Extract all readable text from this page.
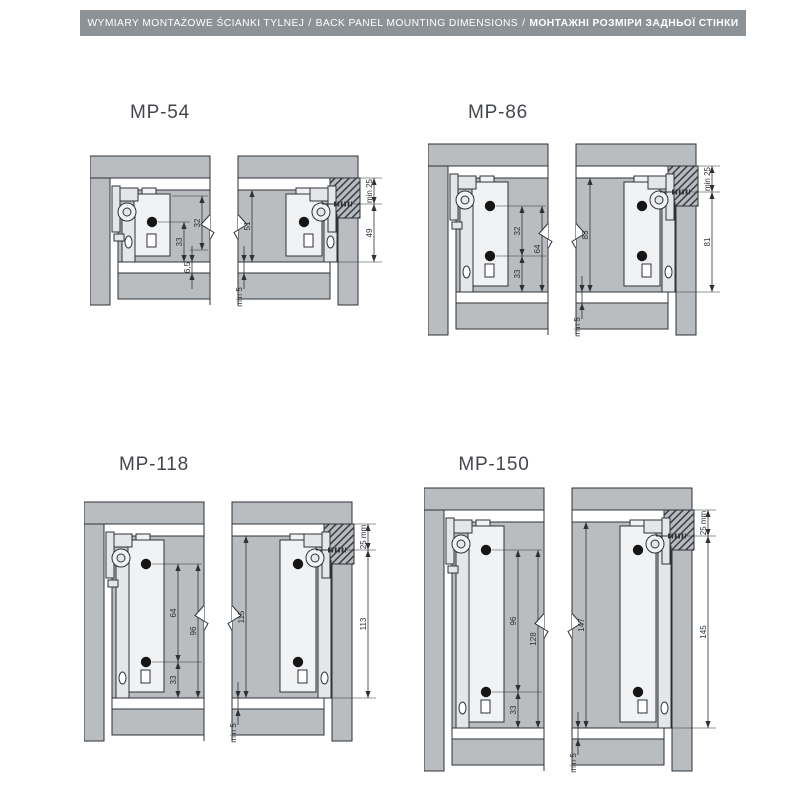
WYMIARY MONTAŻOWE ŚCIANKI TYLNEJ / BACK PANEL MOUNTING DIMENSIONS / МОНТАЖНІ РОЗМІРИ ЗАДНЬОЇ СТІНКИ
MP-54
33
32
6,5
51
min 5
min 25
49
MP-86
32
33
64
83
min 5
min 25
81
MP-118
64
33
96
115
min 5
25 mm
113
MP-150
96
33
128
147
min 5
25 mm
145
